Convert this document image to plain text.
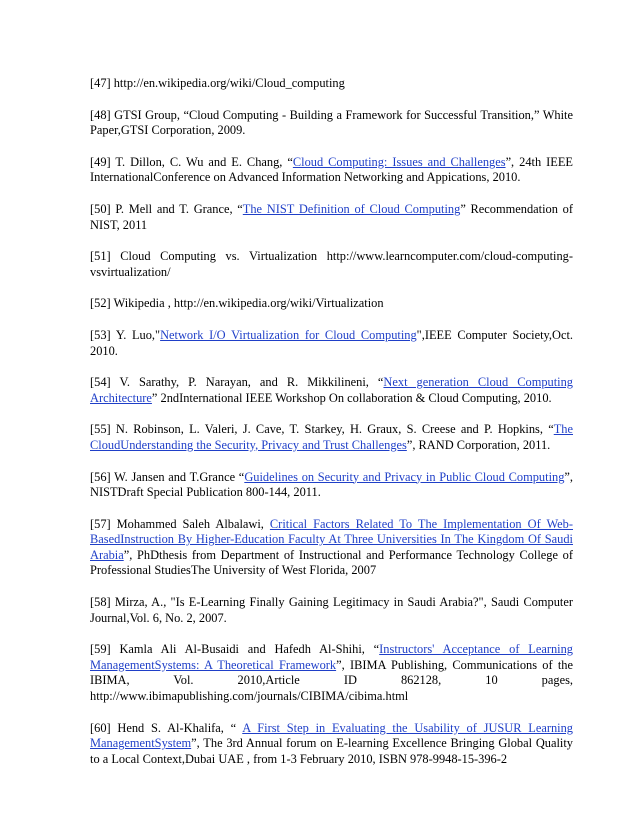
[47] http://en.wikipedia.org/wiki/Cloud_computing

[48] GTSI Group, “Cloud Computing - Building a Framework for Successful Transition,” White Paper,GTSI Corporation, 2009.

[49] T. Dillon, C. Wu and E. Chang, “Cloud Computing: Issues and Challenges”, 24th IEEE InternationalConference on Advanced Information Networking and Appications, 2010.

[50] P. Mell and T. Grance, “The NIST Definition of Cloud Computing” Recommendation of NIST, 2011

[51] Cloud Computing vs. Virtualization http://www.learncomputer.com/cloud-computing-vsvirtualization/

[52] Wikipedia , http://en.wikipedia.org/wiki/Virtualization

[53] Y. Luo,"Network I/O Virtualization for Cloud Computing",IEEE Computer Society,Oct. 2010.

[54] V. Sarathy, P. Narayan, and R. Mikkilineni, “Next generation Cloud Computing Architecture” 2ndInternational IEEE Workshop On collaboration & Cloud Computing, 2010.

[55] N. Robinson, L. Valeri, J. Cave, T. Starkey, H. Graux, S. Creese and P. Hopkins, “The CloudUnderstanding the Security, Privacy and Trust Challenges”, RAND Corporation, 2011.

[56] W. Jansen and T.Grance “Guidelines on Security and Privacy in Public Cloud Computing”, NISTDraft Special Publication 800-144, 2011.

[57] Mohammed Saleh Albalawi, Critical Factors Related To The Implementation Of Web-BasedInstruction By Higher-Education Faculty At Three Universities In The Kingdom Of Saudi Arabia”, PhDthesis from Department of Instructional and Performance Technology College of Professional StudiesThe University of West Florida, 2007

[58] Mirza, A., "Is E-Learning Finally Gaining Legitimacy in Saudi Arabia?", Saudi Computer Journal,Vol. 6, No. 2, 2007.

[59] Kamla Ali Al-Busaidi and Hafedh Al-Shihi, “Instructors' Acceptance of Learning ManagementSystems: A Theoretical Framework”, IBIMA Publishing, Communications of the IBIMA, Vol. 2010,Article ID 862128, 10 pages, http://www.ibimapublishing.com/journals/CIBIMA/cibima.html

[60] Hend S. Al-Khalifa, “ A First Step in Evaluating the Usability of JUSUR Learning ManagementSystem”, The 3rd Annual forum on E-learning Excellence Bringing Global Quality to a Local Context,Dubai UAE , from 1-3 February 2010, ISBN 978-9948-15-396-2
